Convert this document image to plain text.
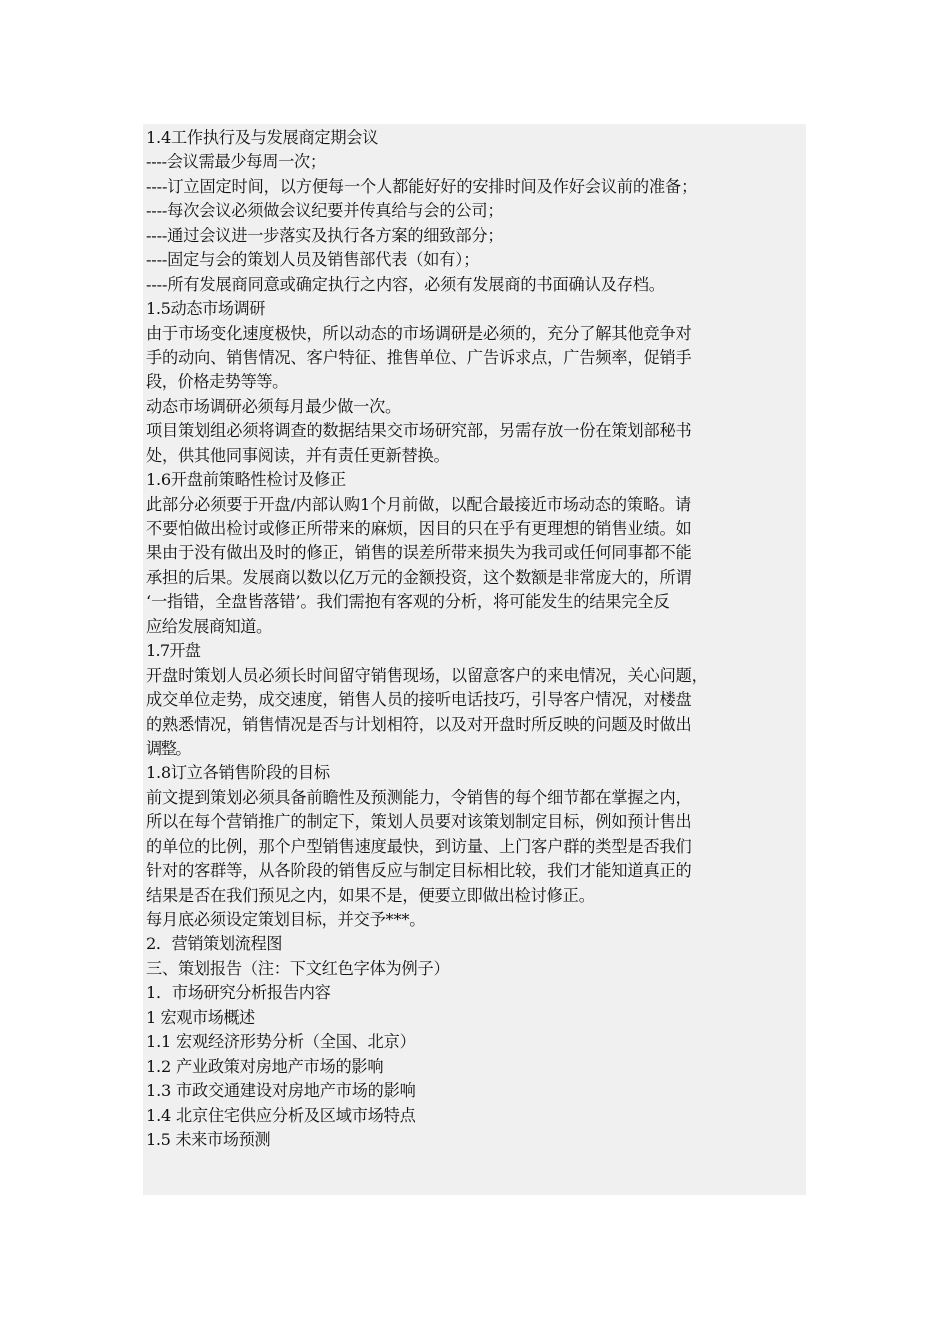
1.4工作执行及与发展商定期会议
----会议需最少每周一次；
----订立固定时间，以方便每一个人都能好好的安排时间及作好会议前的准备；
----每次会议必须做会议纪要并传真给与会的公司；
----通过会议进一步落实及执行各方案的细致部分；
----固定与会的策划人员及销售部代表（如有）；
----所有发展商同意或确定执行之内容，必须有发展商的书面确认及存档。
1.5动态市场调研
由于市场变化速度极快，所以动态的市场调研是必须的，充分了解其他竞争对
手的动向、销售情况、客户特征、推售单位、广告诉求点，广告频率，促销手
段，价格走势等等。
动态市场调研必须每月最少做一次。
项目策划组必须将调查的数据结果交市场研究部，另需存放一份在策划部秘书
处，供其他同事阅读，并有责任更新替换。
1.6开盘前策略性检讨及修正
此部分必须要于开盘/内部认购1个月前做，以配合最接近市场动态的策略。请
不要怕做出检讨或修正所带来的麻烦，因目的只在乎有更理想的销售业绩。如
果由于没有做出及时的修正，销售的误差所带来损失为我司或任何同事都不能
承担的后果。发展商以数以亿万元的金额投资，这个数额是非常庞大的，所谓
‘一指错，全盘皆落错’。我们需抱有客观的分析，将可能发生的结果完全反
应给发展商知道。
1.7开盘
开盘时策划人员必须长时间留守销售现场，以留意客户的来电情况，关心问题，
成交单位走势，成交速度，销售人员的接听电话技巧，引导客户情况，对楼盘
的熟悉情况，销售情况是否与计划相符，以及对开盘时所反映的问题及时做出
调整。
1.8订立各销售阶段的目标
前文提到策划必须具备前瞻性及预测能力，令销售的每个细节都在掌握之内，
所以在每个营销推广的制定下，策划人员要对该策划制定目标，例如预计售出
的单位的比例，那个户型销售速度最快，到访量、上门客户群的类型是否我们
针对的客群等，从各阶段的销售反应与制定目标相比较，我们才能知道真正的
结果是否在我们预见之内，如果不是，便要立即做出检讨修正。
每月底必须设定策划目标，并交予***。
2．营销策划流程图
三、策划报告（注：下文红色字体为例子）
1．市场研究分析报告内容
1 宏观市场概述
1.1 宏观经济形势分析（全国、北京）
1.2 产业政策对房地产市场的影响
1.3 市政交通建设对房地产市场的影响
1.4 北京住宅供应分析及区域市场特点
1.5 未来市场预测
